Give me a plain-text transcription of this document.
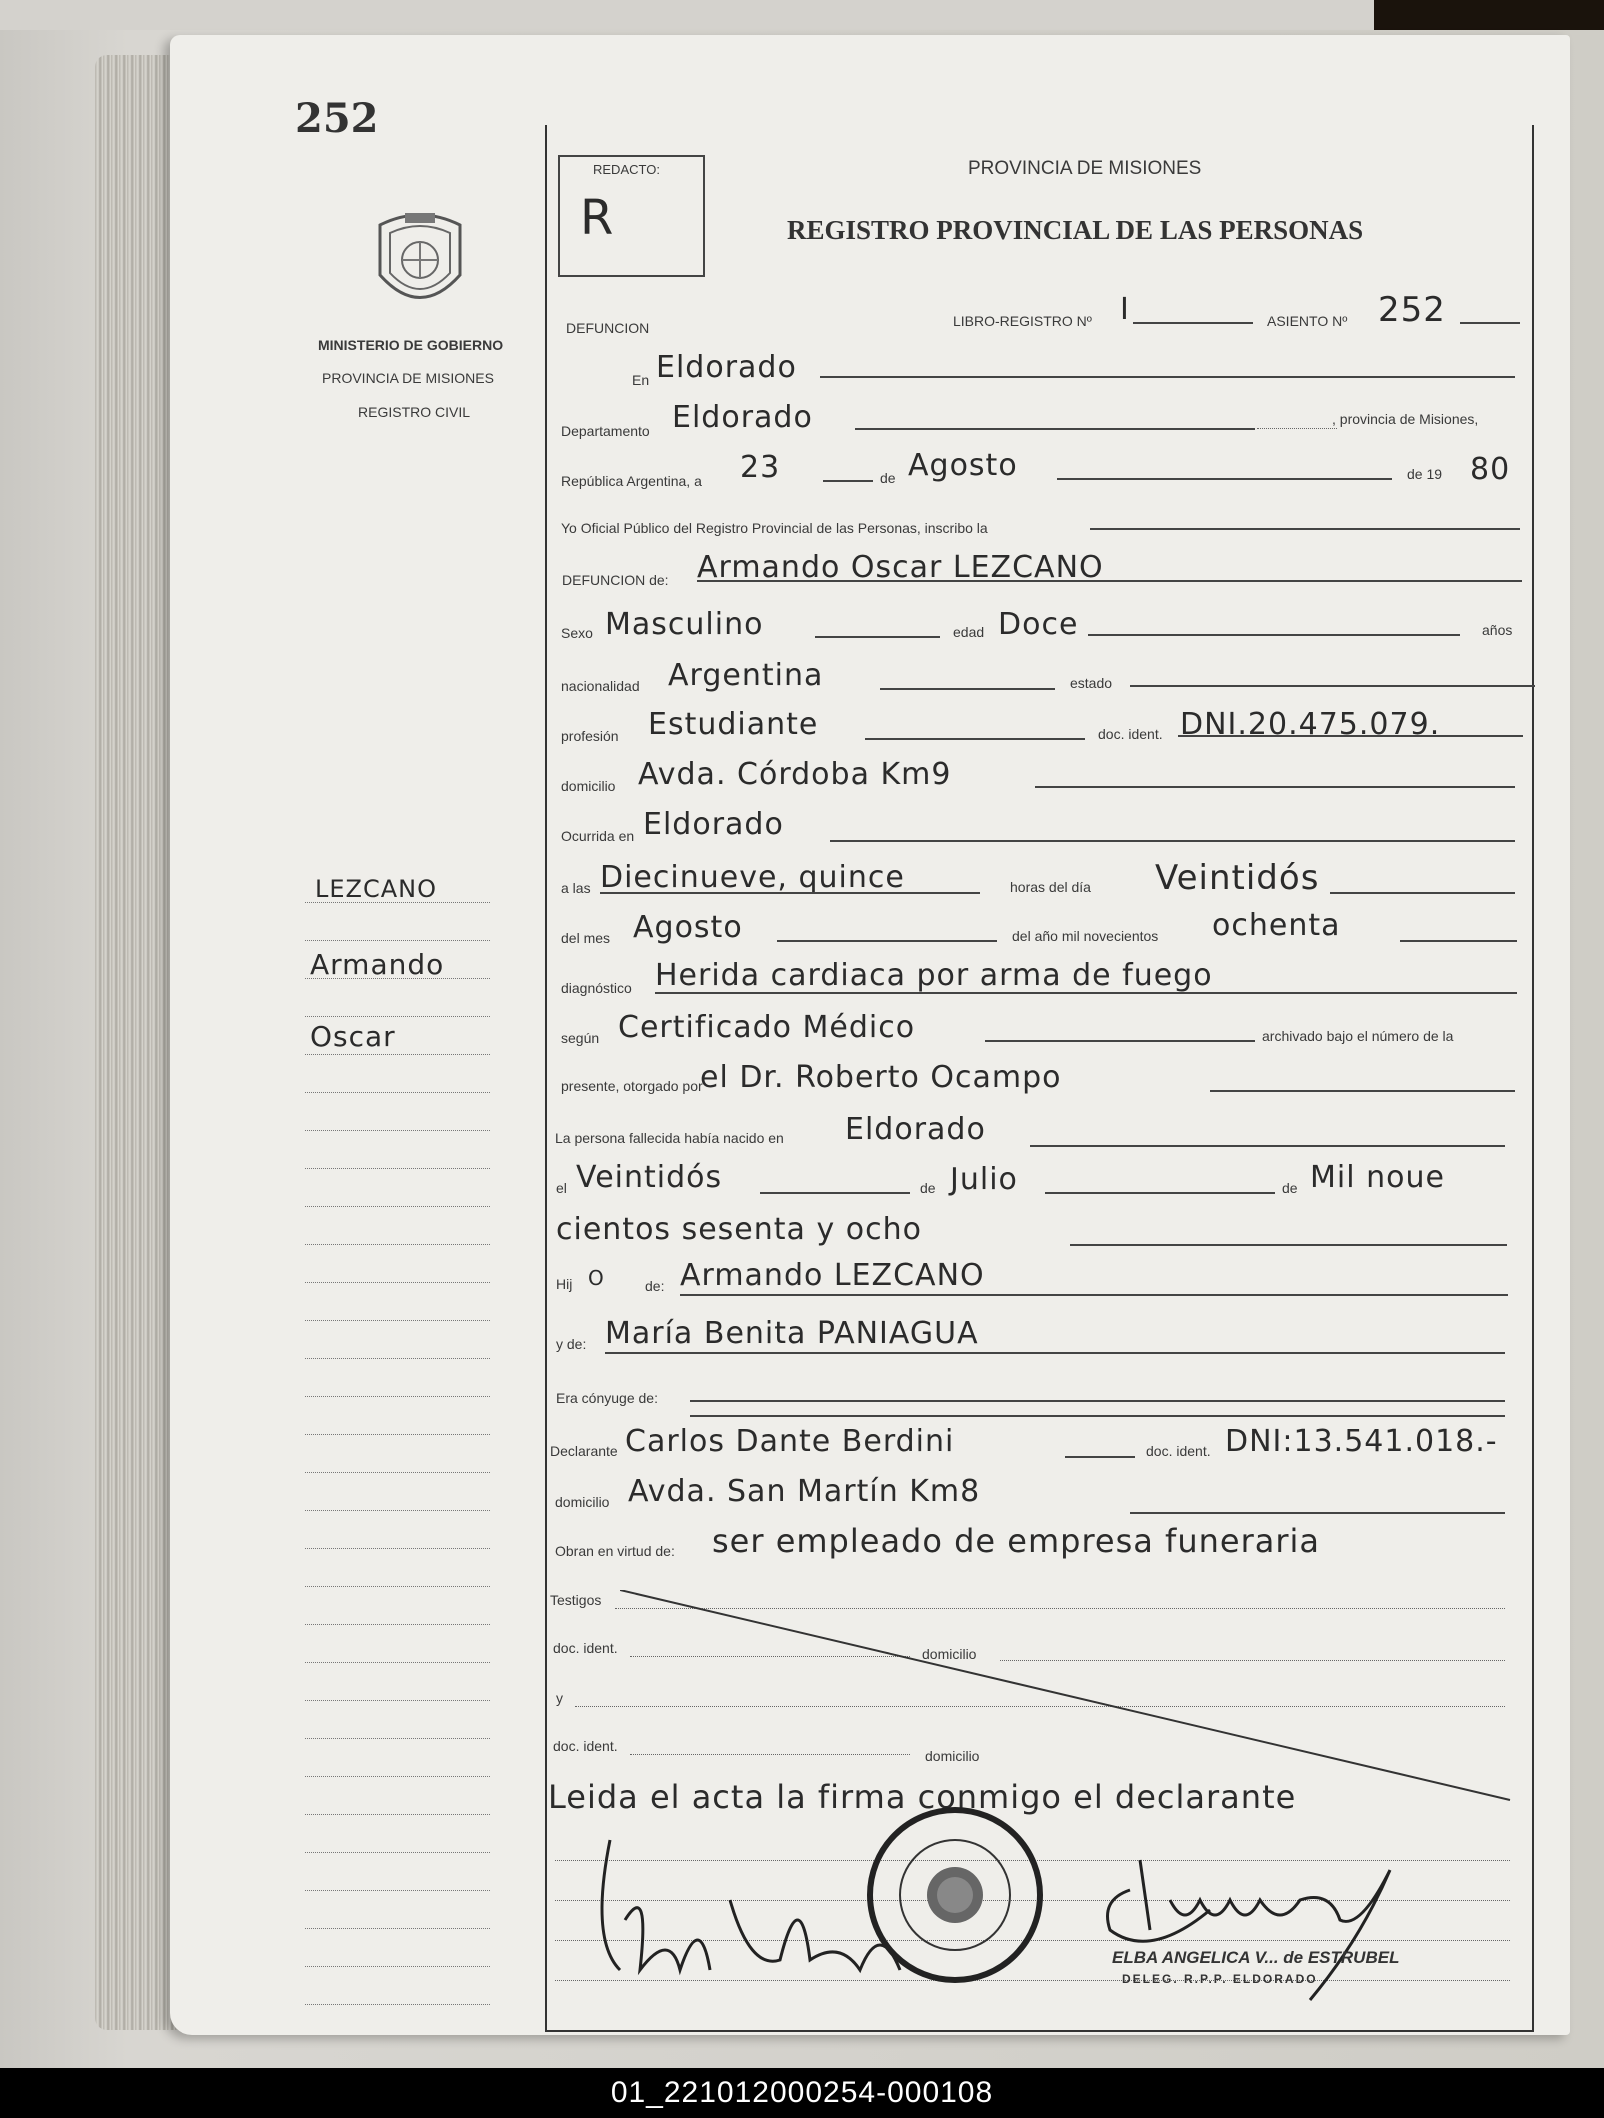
252
MINISTERIO DE GOBIERNO
PROVINCIA DE MISIONES
REGISTRO CIVIL
REDACTO:
R
PROVINCIA DE MISIONES
REGISTRO PROVINCIAL DE LAS PERSONAS
DEFUNCION	LIBRO-REGISTRO Nº I	ASIENTO Nº 252
En Eldorado
Departamento Eldorado	, provincia de Misiones,
República Argentina, a 23	de Agosto	de 19 80
Yo Oficial Público del Registro Provincial de las Personas, inscribo la
DEFUNCION de: Armando Oscar LEZCANO
Sexo Masculino	edad Doce	años
nacionalidad Argentina	estado
profesión Estudiante	doc. ident. DNI.20.475.079.
domicilio Avda. Córdoba Km9
Ocurrida en Eldorado
a las Diecinueve, quince	horas del día Veintidós
del mes Agosto	del año mil novecientos ochenta
diagnóstico Herida cardiaca por arma de fuego
según Certificado Médico	archivado bajo el número de la
presente, otorgado por
el Dr. Roberto Ocampo
La persona fallecida había nacido en Eldorado
el Veintidós	de Julio	de Mil noue
cientos sesenta y ocho
Hij O	de: Armando LEZCANO
y de: María Benita PANIAGUA
Era cónyuge de:
Declarante Carlos Dante Berdini	doc. ident. DNI:13.541.018.-
domicilio Avda. San Martín Km8
Obran en virtud de: ser empleado de empresa funeraria
Testigos
doc. ident.	domicilio
y
doc. ident.
domicilio
Leida el acta la firma conmigo el declarante
ELBA ANGELICA V... de ESTRUBEL
DELEG. R.P.P. ELDORADO
LEZCANO
Armando
Oscar
01_221012000254-000108
